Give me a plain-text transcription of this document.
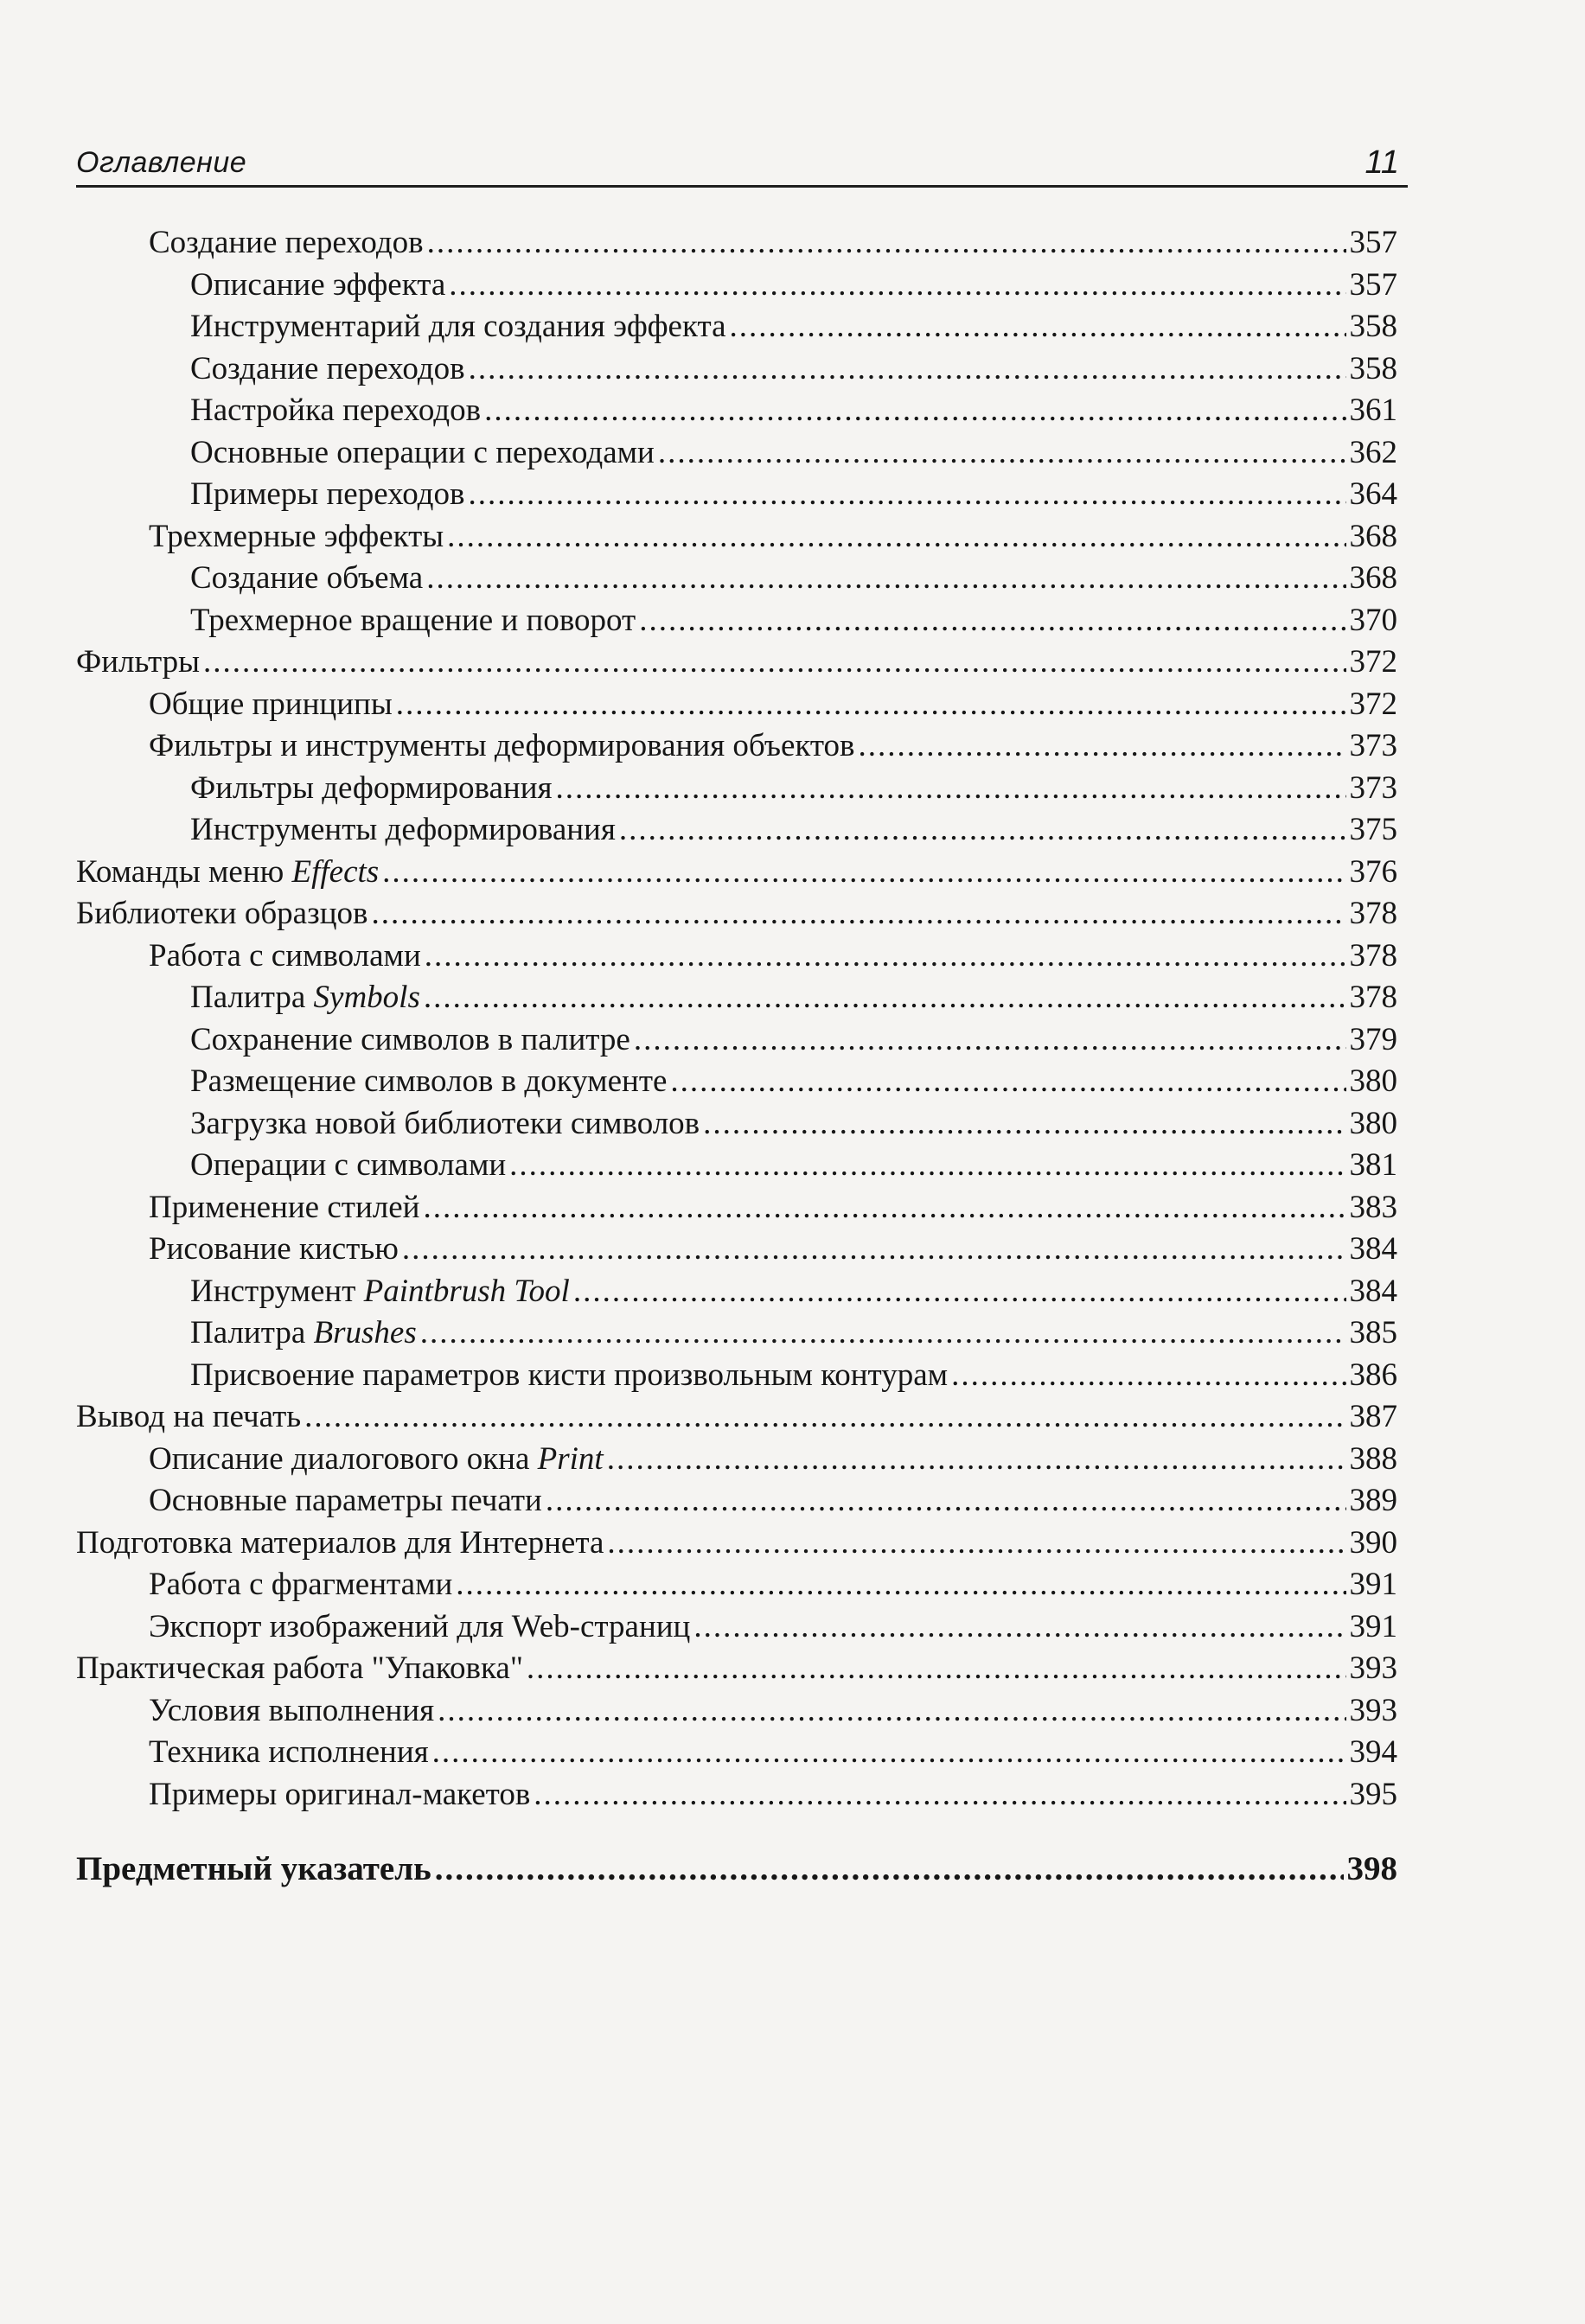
Оглавление	11
Создание переходов .....	357
Описание эффекта .....	357
Инструментарий для создания эффекта .....	358
Создание переходов .....	358
Настройка переходов .....	361
Основные операции с переходами .....	362
Примеры переходов .....	364
Трехмерные эффекты .....	368
Создание объема .....	368
Трехмерное вращение и поворот .....	370
Фильтры .....	372
Общие принципы .....	372
Фильтры и инструменты деформирования объектов .....	373
Фильтры деформирования .....	373
Инструменты деформирования .....	375
Команды меню Effects .....	376
Библиотеки образцов .....	378
Работа с символами .....	378
Палитра Symbols .....	378
Сохранение символов в палитре .....	379
Размещение символов в документе .....	380
Загрузка новой библиотеки символов .....	380
Операции с символами .....	381
Применение стилей .....	383
Рисование кистью .....	384
Инструмент Paintbrush Tool .....	384
Палитра Brushes .....	385
Присвоение параметров кисти произвольным контурам .....	386
Вывод на печать .....	387
Описание диалогового окна Print .....	388
Основные параметры печати .....	389
Подготовка материалов для Интернета .....	390
Работа с фрагментами .....	391
Экспорт изображений для Web-страниц .....	391
Практическая работа "Упаковка" .....	393
Условия выполнения .....	393
Техника исполнения .....	394
Примеры оригинал-макетов .....	395
Предметный указатель .....	398
